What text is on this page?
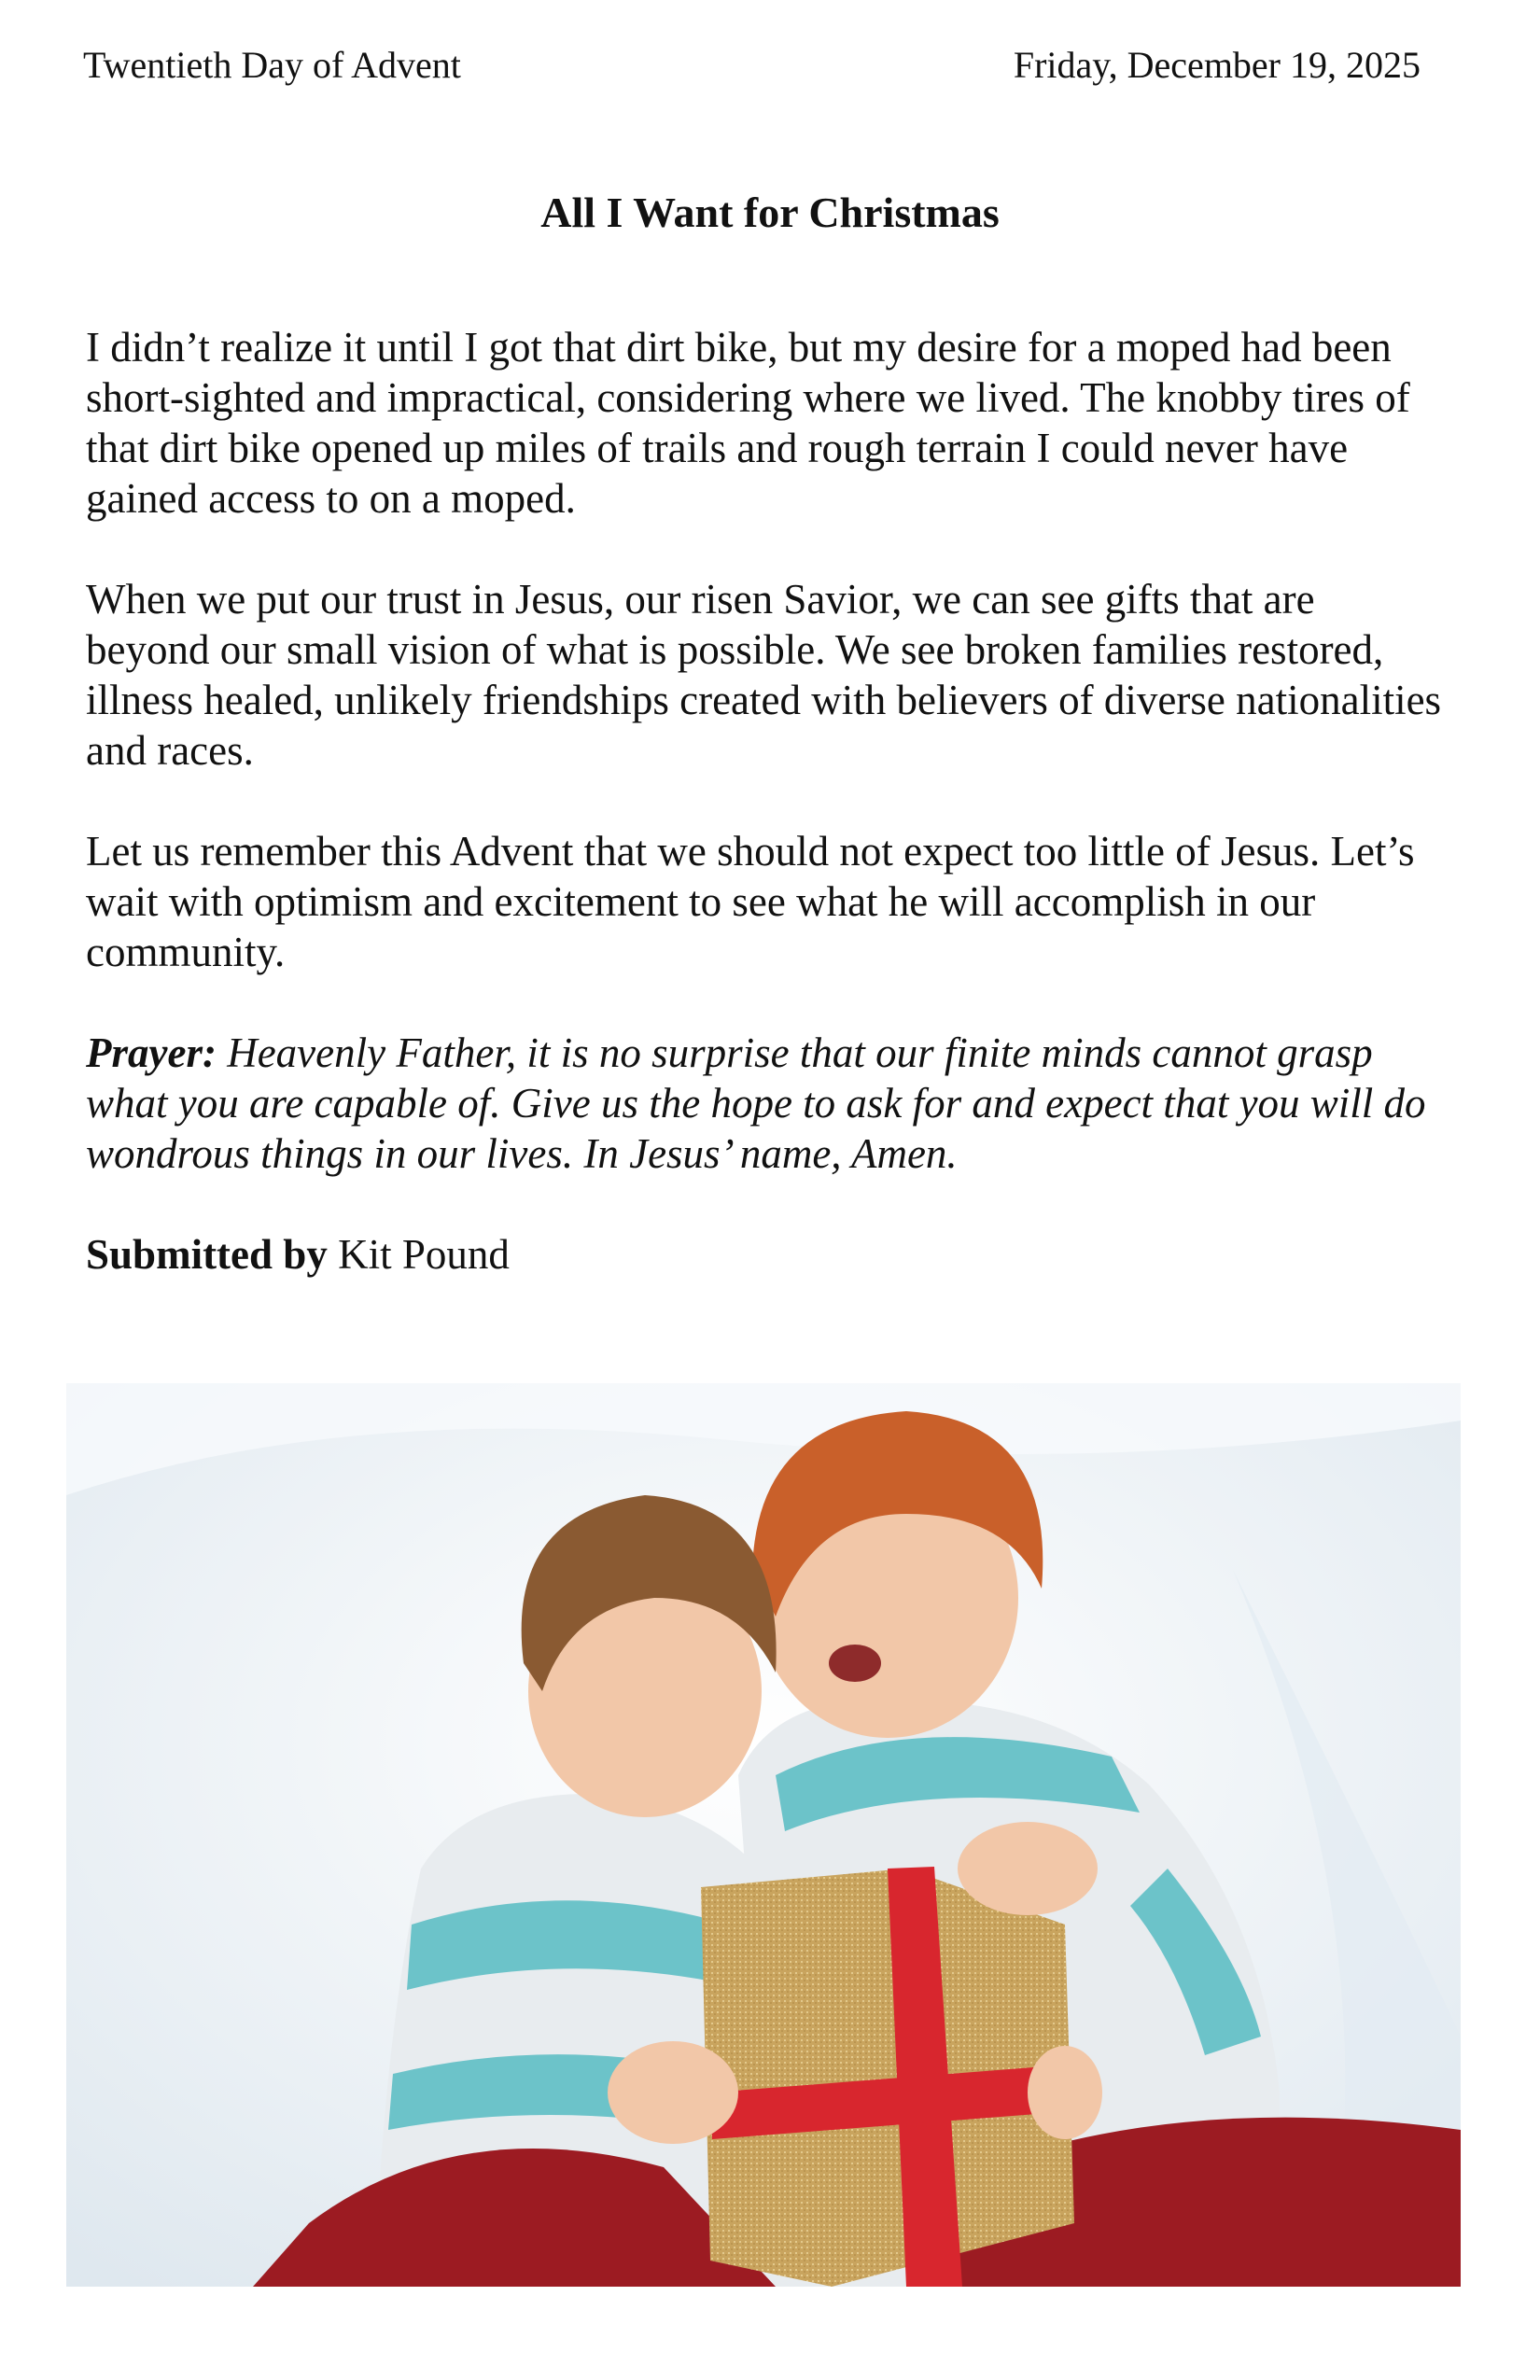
Twentieth Day of Advent	Friday, December 19, 2025
All I Want for Christmas

I didn’t realize it until I got that dirt bike, but my desire for a moped had been short-sighted and impractical, considering where we lived. The knobby tires of that dirt bike opened up miles of trails and rough terrain I could never have gained access to on a moped.

When we put our trust in Jesus, our risen Savior, we can see gifts that are beyond our small vision of what is possible. We see broken families restored, illness healed, unlikely friendships created with believers of diverse nationalities and races.

Let us remember this Advent that we should not expect too little of Jesus. Let’s wait with optimism and excitement to see what he will accomplish in our community.

Prayer: Heavenly Father, it is no surprise that our finite minds cannot grasp what you are capable of. Give us the hope to ask for and expect that you will do wondrous things in our lives. In Jesus’ name, Amen.

Submitted by Kit Pound
